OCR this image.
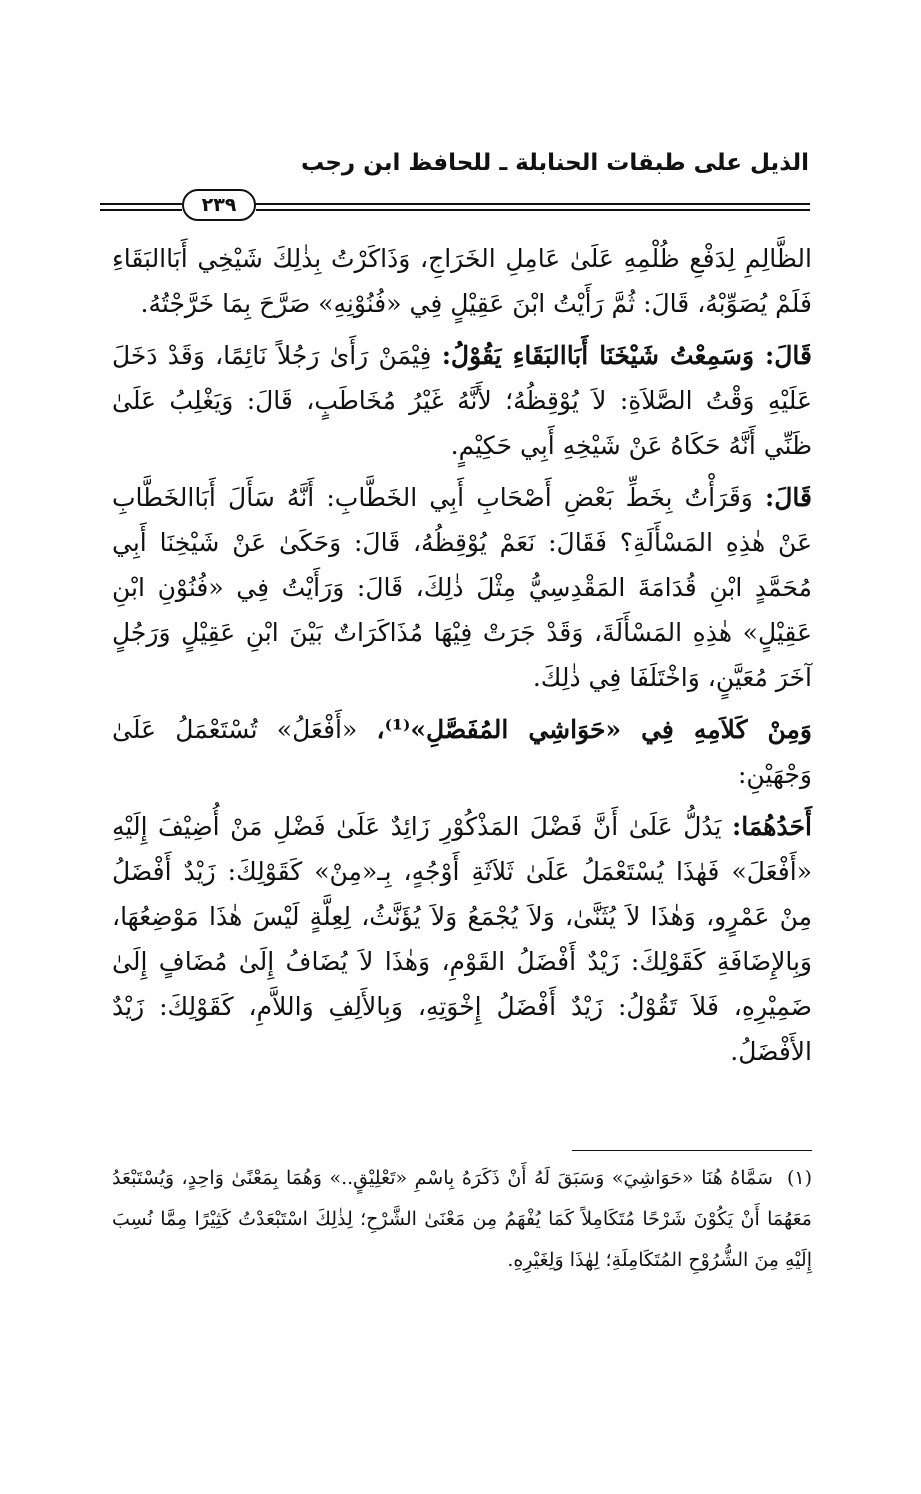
الذيل على طبقات الحنابلة ـ للحافظ ابن رجب
٢٣٩

الظَّالِمِ لِدَفْعِ ظُلْمِهِ عَلَىٰ عَامِلِ الخَرَاجِ، وَذَاكَرْتُ بِذٰلِكَ شَيْخِي أَبَاالبَقَاءِ فَلَمْ يُصَوِّبْهُ، قَالَ: ثُمَّ رَأَيْتُ ابْنَ عَقِيْلٍ فِي «فُنُوْنِهِ» صَرَّحَ بِمَا خَرَّجْتُهُ.

قَالَ: وَسَمِعْتُ شَيْخَنَا أَبَاالبَقَاءِ يَقُوْلُ: فِيْمَنْ رَأَىٰ رَجُلاً نَائِمًا، وَقَدْ دَخَلَ عَلَيْهِ وَقْتُ الصَّلاَةِ: لاَ يُوْقِظُهُ؛ لأَنَّهُ غَيْرُ مُخَاطَبٍ، قَالَ: وَيَغْلِبُ عَلَىٰ ظَنِّي أَنَّهُ حَكَاهُ عَنْ شَيْخِهِ أَبِي حَكِيْمٍ.

قَالَ: وَقَرَأْتُ بِخَطِّ بَعْضِ أَصْحَابِ أَبِي الخَطَّابِ: أَنَّهُ سَأَلَ أَبَاالخَطَّابِ عَنْ هٰذِهِ المَسْأَلَةِ؟ فَقَالَ: نَعَمْ يُوْقِظُهُ، قَالَ: وَحَكَىٰ عَنْ شَيْخِنَا أَبِي مُحَمَّدٍ ابْنِ قُدَامَةَ المَقْدِسِيُّ مِثْلَ ذٰلِكَ، قَالَ: وَرَأَيْتُ فِي «فُنُوْنِ ابْنِ عَقِيْلٍ» هٰذِهِ المَسْأَلَةَ، وَقَدْ جَرَتْ فِيْهَا مُذَاكَرَاتٌ بَيْنَ ابْنِ عَقِيْلٍ وَرَجُلٍ آخَرَ مُعَيَّنٍ، وَاخْتَلَفَا فِي ذٰلِكَ.

وَمِنْ كَلاَمِهِ فِي «حَوَاشِي المُفَصَّلِ»⁽¹⁾، «أَفْعَلُ» تُسْتَعْمَلُ عَلَىٰ وَجْهَيْنِ:

أَحَدُهُمَا: يَدُلُّ عَلَىٰ أَنَّ فَضْلَ المَذْكُوْرِ زَائِدٌ عَلَىٰ فَضْلِ مَنْ أُضِيْفَ إِلَيْهِ «أَفْعَلَ» فَهٰذَا يُسْتَعْمَلُ عَلَىٰ ثَلاَثَةِ أَوْجُهٍ، بِـ«مِنْ» كَقَوْلِكَ: زَيْدٌ أَفْضَلُ مِنْ عَمْرٍو، وَهٰذَا لاَ يُثَنَّىٰ، وَلاَ يُجْمَعُ وَلاَ يُؤَنَّثُ، لِعِلَّةٍ لَيْسَ هٰذَا مَوْضِعُهَا، وَبِالإِضَافَةِ كَقَوْلِكَ: زَيْدٌ أَفْضَلُ القَوْمِ، وَهٰذَا لاَ يُضَافُ إِلَىٰ مُضَافٍ إِلَىٰ ضَمِيْرِهِ، فَلاَ تَقُوْلُ: زَيْدٌ أَفْضَلُ إِخْوَتِهِ، وَبِالأَلِفِ وَاللاَّمِ، كَقَوْلِكَ: زَيْدٌ الأَفْضَلُ.

(١)سَمَّاهُ هُنَا «حَوَاشِيَ» وَسَبَقَ لَهُ أَنْ ذَكَرَهُ بِاسْمِ «تَعْلِيْقٍ..» وَهُمَا بِمَعْنًىٰ وَاحِدٍ، وَيُسْتَبْعَدُ مَعَهُمَا أَنْ يَكُوْنَ شَرْحًا مُتَكَامِلاً كَمَا يُفْهَمُ مِن مَعْنَىٰ الشَّرْحِ؛ لِذٰلِكَ اسْتَبْعَدْتُ كَثِيْرًا مِمَّا نُسِبَ إِلَيْهِ مِنَ الشُّرُوْحِ المُتَكَامِلَةِ؛ لِهٰذَا وَلِغَيْرِهِ.
